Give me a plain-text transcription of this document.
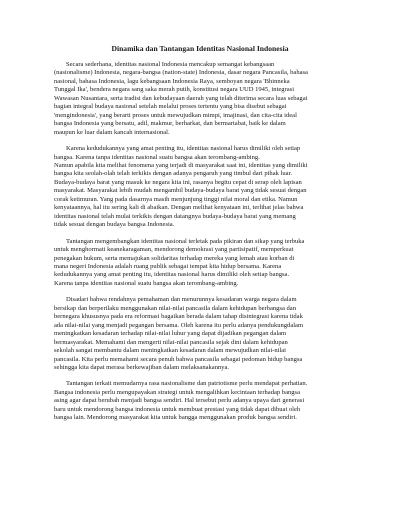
Dinamika dan Tantangan Identitas Nasional Indonesia

Secara sederhana, identitas nasional Indonesia mencakup semangat kebangsaan
(nasionalisme) Indonesia, negara-bangsa (nation-state) Indonesia, dasar negara Pancasila, bahasa
nasional, bahasa Indonesia, lagu kebangsaan Indonesia Raya, semboyan negara 'Bhinneka
Tunggal Ika', bendera negara sang saka merah putih, konstitusi negara UUD 1945, integrasi
Wawasan Nusantara, serta tradisi dan kebudayaan daerah yang telah diterima secara luas sebagai
bagian integral budaya nasional setelah melalui proses tertentu yang bisa disebut sebagai
'mengindonesia', yang berarti proses untuk mewujudkan mimpi, imajinasi, dan cita-cita ideal
bangsa Indonesia yang bersatu, adil, makmur, berharkat, dan bermartabat, baik ke dalam
maupun ke luar dalam kancah internasional.

Karena kedudukannya yang amat penting itu, identitas nasional harus dimiliki oleh setiap
bangsa. Karena tanpa identitas nasional suatu bangsa akan terombang-ambing.
Namun apabila kita melihat fenomena yang terjadi di masyarakat saat ini, identitas yang dimiliki
bangsa kita seolah-olah telah terkikis dengan adanya pengaruh yang timbul dari pihak luar.
Budaya-budaya barat yang masuk ke negara kita ini, rasanya begitu cepat di serap oleh lapisan
masyarakat. Masyarakat lebih mudah mengambil budaya-budaya barat yang tidak sesuai dengan
corak ketimuran. Yang pada dasarnya masih menjunjung tinggi nilai moral dan etika. Namun
kenyataannya, hal itu sering kali di abaikan. Dengan melihat kenyataan ini, terlihat jelas bahwa
identitas nasional telah mulai terkikis dengan datangnya budaya-budaya barat yang memang
tidak sesuai dengan budaya bangsa Indonesia.

Tantangan mengembangkan identitas nasional terletak pada pikiran dan sikap yang terbuka
untuk menghormati keanekaragaman, mendorong demokrasi yang partisipatif, memperkuat
penegakan hukum, serta memajukan solidaritas terhadap mereka yang lemah atau korban di
mana negeri Indonesia adalah ruang publik sebagai tempat kita hidup bersama. Karena
kedudukannya yang amat penting itu, identitas nasional harus dimiliki oleh setiap bangsa.
Karena tanpa identitas nasional suatu bangsa akan terombang-ambing.

Disadari bahwa rendahnya pemahaman dan menurunnya kesadaran warga negara dalam
bersikap dan berperilaku menggunakan nilai-nilai pancasila dalam kehidupan berbangsa dan
bernegara khususnya pada era reformasi bagaikan berada dalam tahap disintegrasi karena tidak
ada nilai-nilai yang menjadi pegangan bersama. Oleh karena itu perlu adanya pendukungdalam
meningkatkan kesadaran terhadap nilai-nilai luhur yang dapat dijadikan pegangan dalam
bermasyarakat. Memahami dan mengerti nilai-nilai pancasila sejak dini dalam kehidupan
sekolah sangat membantu dalam meningkatkan kesadaran dalam mewujudkan nilai-nilai
pancasila. Kita perlu memahami secara penuh bahwa pancasila sebagai pedoman hidup bangsa
sehingga kita dapat merasa berkewajiban dalam melaksanakannya.

Tantangan terkait memudarnya rasa nasionalisme dan patriotisme perlu mendapat perhatian.
Bangsa indonesia perlu mengupayakan strategi untuk mengalihkan kecintaan terhadap bangsa
asing agar dapat berubah menjadi bangsa sendiri. Hal tersebut perlu adanya upaya dari generasi
baru untuk mendorong bangsa indonesia untuk membuat prestasi yang tidak dapat dibuat oleh
bangsa lain. Mendorong masyarakat kita untuk bangga menggunakan produk bangsa sendiri.
